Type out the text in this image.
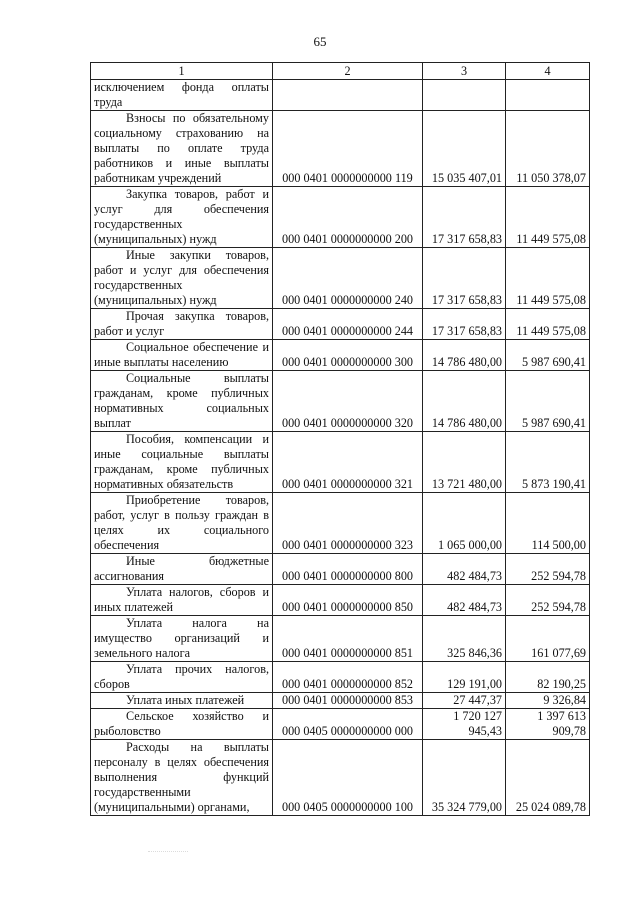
65
1	2	3	4
исключением фонда оплаты труда			
Взносы по обязательному социальному страхованию на выплаты по оплате труда работников и иные выплаты работникам учреждений	000 0401 0000000000 119	15 035 407,01	11 050 378,07
Закупка товаров, работ и услуг для обеспечения государственных (муниципальных) нужд	000 0401 0000000000 200	17 317 658,83	11 449 575,08
Иные закупки товаров, работ и услуг для обеспечения государственных (муниципальных) нужд	000 0401 0000000000 240	17 317 658,83	11 449 575,08
Прочая закупка товаров, работ и услуг	000 0401 0000000000 244	17 317 658,83	11 449 575,08
Социальное обеспечение и иные выплаты населению	000 0401 0000000000 300	14 786 480,00	5 987 690,41
Социальные выплаты гражданам, кроме публичных нормативных социальных выплат	000 0401 0000000000 320	14 786 480,00	5 987 690,41
Пособия, компенсации и иные социальные выплаты гражданам, кроме публичных нормативных обязательств	000 0401 0000000000 321	13 721 480,00	5 873 190,41
Приобретение товаров, работ, услуг в пользу граждан в целях их социального обеспечения	000 0401 0000000000 323	1 065 000,00	114 500,00
Иные бюджетные ассигнования	000 0401 0000000000 800	482 484,73	252 594,78
Уплата налогов, сборов и иных платежей	000 0401 0000000000 850	482 484,73	252 594,78
Уплата налога на имущество организаций и земельного налога	000 0401 0000000000 851	325 846,36	161 077,69
Уплата прочих налогов, сборов	000 0401 0000000000 852	129 191,00	82 190,25
Уплата иных платежей	000 0401 0000000000 853	27 447,37	9 326,84
Сельское хозяйство и рыболовство	000 0405 0000000000 000	1 720 127 945,43	1 397 613 909,78
Расходы на выплаты персоналу в целях обеспечения выполнения функций государственными (муниципальными) органами,	000 0405 0000000000 100	35 324 779,00	25 024 089,78
